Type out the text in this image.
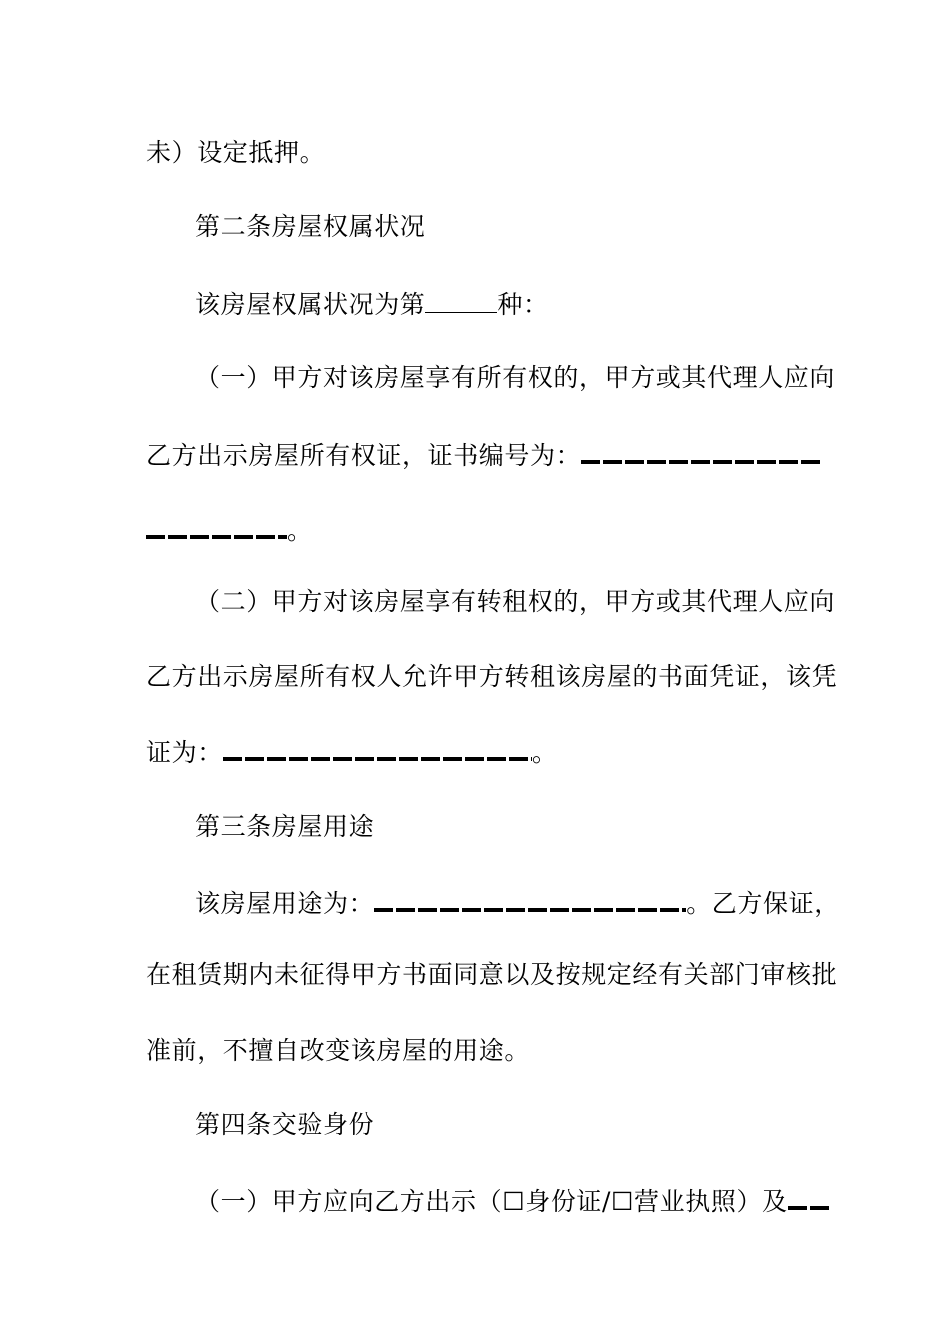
未）设定抵押。
第二条房屋权属状况
该房屋权属状况为第	种：
（一）甲方对该房屋享有所有权的，甲方或其代理人应向
乙方出示房屋所有权证，证书编号为：
。
（二）甲方对该房屋享有转租权的，甲方或其代理人应向
乙方出示房屋所有权人允许甲方转租该房屋的书面凭证，该凭
证为：	。
第三条房屋用途
该房屋用途为：	。乙方保证，
在租赁期内未征得甲方书面同意以及按规定经有关部门审核批
准前，不擅自改变该房屋的用途。
第四条交验身份
（一）甲方应向乙方出示（☐身份证/☐营业执照）及
